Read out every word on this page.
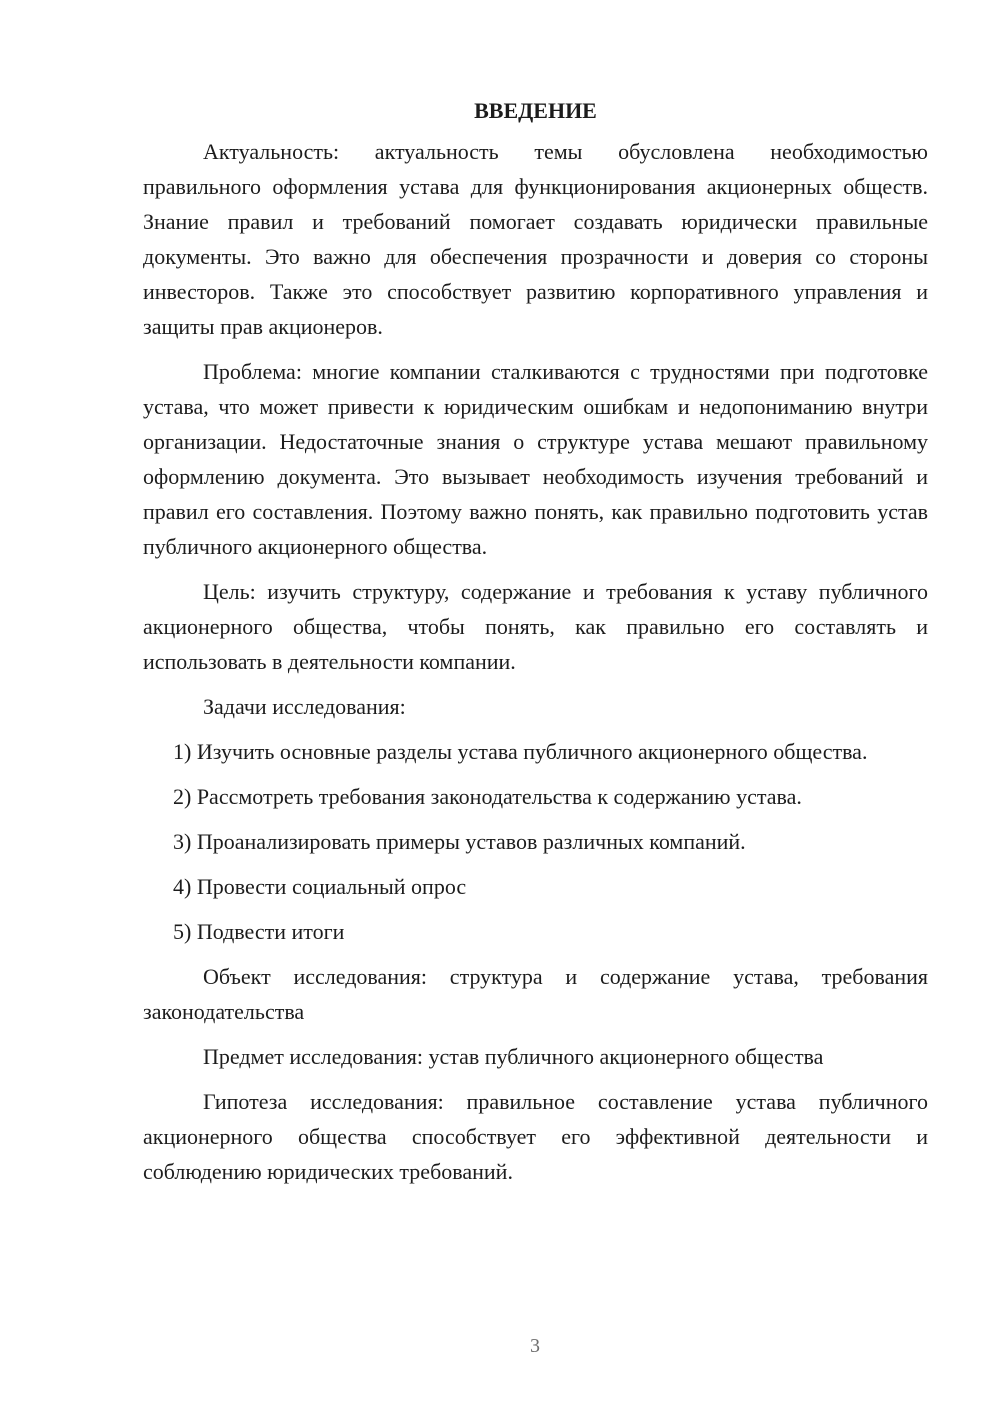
ВВЕДЕНИЕ

Актуальность: актуальность темы обусловлена необходимостью правильного оформления устава для функционирования акционерных обществ. Знание правил и требований помогает создавать юридически правильные документы. Это важно для обеспечения прозрачности и доверия со стороны инвесторов. Также это способствует развитию корпоративного управления и защиты прав акционеров.

Проблема: многие компании сталкиваются с трудностями при подготовке устава, что может привести к юридическим ошибкам и недопониманию внутри организации. Недостаточные знания о структуре устава мешают правильному оформлению документа. Это вызывает необходимость изучения требований и правил его составления. Поэтому важно понять, как правильно подготовить устав публичного акционерного общества.

Цель: изучить структуру, содержание и требования к уставу публичного акционерного общества, чтобы понять, как правильно его составлять и использовать в деятельности компании.

Задачи исследования:

1) Изучить основные разделы устава публичного акционерного общества.

2) Рассмотреть требования законодательства к содержанию устава.

3) Проанализировать примеры уставов различных компаний.

4) Провести социальный опрос

5) Подвести итоги

Объект исследования: структура и содержание устава, требования законодательства

Предмет исследования: устав публичного акционерного общества

Гипотеза исследования: правильное составление устава публичного акционерного общества способствует его эффективной деятельности и соблюдению юридических требований.

3
